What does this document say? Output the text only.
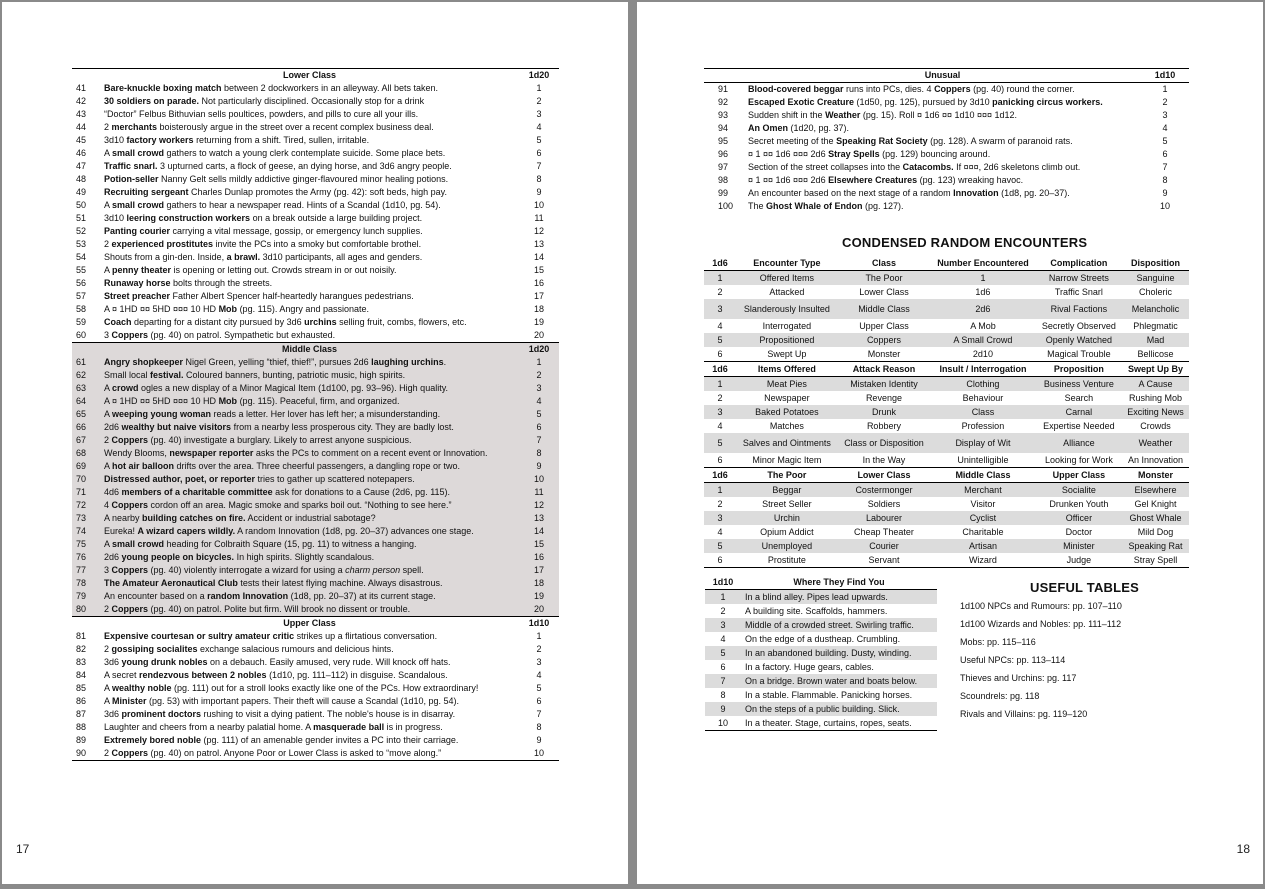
17	18
	Lower Class	1d20
41	Bare-knuckle boxing match between 2 dockworkers in an alleyway. All bets taken.	1
42	30 soldiers on parade. Not particularly disciplined. Occasionally stop for a drink	2
43	“Doctor” Felbus Bithuvian sells poultices, powders, and pills to cure all your ills.	3
44	2 merchants boisterously argue in the street over a recent complex business deal.	4
45	3d10 factory workers returning from a shift. Tired, sullen, irritable.	5
46	A small crowd gathers to watch a young clerk contemplate suicide. Some place bets.	6
47	Traffic snarl. 3 upturned carts, a flock of geese, an dying horse, and 3d6 angry people.	7
48	Potion-seller Nanny Gelt sells mildly addictive ginger-flavoured minor healing potions.	8
49	Recruiting sergeant Charles Dunlap promotes the Army (pg. 42): soft beds, high pay.	9
50	A small crowd gathers to hear a newspaper read. Hints of a Scandal (1d10, pg. 54).	10
51	3d10 leering construction workers on a break outside a large building project.	11
52	Panting courier carrying a vital message, gossip, or emergency lunch supplies.	12
53	2 experienced prostitutes invite the PCs into a smoky but comfortable brothel.	13
54	Shouts from a gin-den. Inside, a brawl. 3d10 participants, all ages and genders.	14
55	A penny theater is opening or letting out. Crowds stream in or out noisily.	15
56	Runaway horse bolts through the streets.	16
57	Street preacher Father Albert Spencer half-heartedly harangues pedestrians.	17
58	A ¤ 1HD ¤¤ 5HD ¤¤¤ 10 HD Mob (pg. 115). Angry and passionate.	18
59	Coach departing for a distant city pursued by 3d6 urchins selling fruit, combs, flowers, etc.	19
60	3 Coppers (pg. 40) on patrol. Sympathetic but exhausted.	20
	Middle Class	1d20
61	Angry shopkeeper Nigel Green, yelling “thief, thief!”, pursues 2d6 laughing urchins.	1
62	Small local festival. Coloured banners, bunting, patriotic music, high spirits.	2
63	A crowd ogles a new display of a Minor Magical Item (1d100, pg. 93–96). High quality.	3
64	A ¤ 1HD ¤¤ 5HD ¤¤¤ 10 HD Mob (pg. 115). Peaceful, firm, and organized.	4
65	A weeping young woman reads a letter. Her lover has left her; a misunderstanding.	5
66	2d6 wealthy but naive visitors from a nearby less prosperous city. They are badly lost.	6
67	2 Coppers (pg. 40) investigate a burglary. Likely to arrest anyone suspicious.	7
68	Wendy Blooms, newspaper reporter asks the PCs to comment on a recent event or Innovation.	8
69	A hot air balloon drifts over the area. Three cheerful passengers, a dangling rope or two.	9
70	Distressed author, poet, or reporter tries to gather up scattered notepapers.	10
71	4d6 members of a charitable committee ask for donations to a Cause (2d6, pg. 115).	11
72	4 Coppers cordon off an area. Magic smoke and sparks boil out. “Nothing to see here.”	12
73	A nearby building catches on fire. Accident or industrial sabotage?	13
74	Eureka! A wizard capers wildly. A random Innovation (1d8, pg. 20–37) advances one stage.	14
75	A small crowd heading for Colbraith Square (15, pg. 11) to witness a hanging.	15
76	2d6 young people on bicycles. In high spirits. Slightly scandalous.	16
77	3 Coppers (pg. 40) violently interrogate a wizard for using a charm person spell.	17
78	The Amateur Aeronautical Club tests their latest flying machine. Always disastrous.	18
79	An encounter based on a random Innovation (1d8, pp. 20–37) at its current stage.	19
80	2 Coppers (pg. 40) on patrol. Polite but firm. Will brook no dissent or trouble.	20
	Upper Class	1d10
81	Expensive courtesan or sultry amateur critic strikes up a flirtatious conversation.	1
82	2 gossiping socialites exchange salacious rumours and delicious hints.	2
83	3d6 young drunk nobles on a debauch. Easily amused, very rude. Will knock off hats.	3
84	A secret rendezvous between 2 nobles (1d10, pg. 111–112) in disguise. Scandalous.	4
85	A wealthy noble (pg. 111) out for a stroll looks exactly like one of the PCs. How extraordinary!	5
86	A Minister (pg. 53) with important papers. Their theft will cause a Scandal (1d10, pg. 54).	6
87	3d6 prominent doctors rushing to visit a dying patient. The noble's house is in disarray.	7
88	Laughter and cheers from a nearby palatial home. A masquerade ball is in progress.	8
89	Extremely bored noble (pg. 111) of an amenable gender invites a PC into their carriage.	9
90	2 Coppers (pg. 40) on patrol. Anyone Poor or Lower Class is asked to “move along.”	10
	Unusual	1d10
91	Blood-covered beggar runs into PCs, dies. 4 Coppers (pg. 40) round the corner.	1
92	Escaped Exotic Creature (1d50, pg. 125), pursued by 3d10 panicking circus workers.	2
93	Sudden shift in the Weather (pg. 15). Roll ¤ 1d6 ¤¤ 1d10 ¤¤¤ 1d12.	3
94	An Omen (1d20, pg. 37).	4
95	Secret meeting of the Speaking Rat Society (pg. 128). A swarm of paranoid rats.	5
96	¤ 1 ¤¤ 1d6 ¤¤¤ 2d6 Stray Spells (pg. 129) bouncing around.	6
97	Section of the street collapses into the Catacombs. If ¤¤¤, 2d6 skeletons climb out.	7
98	¤ 1 ¤¤ 1d6 ¤¤¤ 2d6 Elsewhere Creatures (pg. 123) wreaking havoc.	8
99	An encounter based on the next stage of a random Innovation (1d8, pg. 20–37).	9
100	The Ghost Whale of Endon (pg. 127).	10
CONDENSED RANDOM ENCOUNTERS
1d6	Encounter Type	Class	Number Encountered	Complication	Disposition
1	Offered Items	The Poor	1	Narrow Streets	Sanguine
2	Attacked	Lower Class	1d6	Traffic Snarl	Choleric
3	Slanderously Insulted	Middle Class	2d6	Rival Factions	Melancholic
4	Interrogated	Upper Class	A Mob	Secretly Observed	Phlegmatic
5	Propositioned	Coppers	A Small Crowd	Openly Watched	Mad
6	Swept Up	Monster	2d10	Magical Trouble	Bellicose
1d6	Items Offered	Attack Reason	Insult / Interrogation	Proposition	Swept Up By
1	Meat Pies	Mistaken Identity	Clothing	Business Venture	A Cause
2	Newspaper	Revenge	Behaviour	Search	Rushing Mob
3	Baked Potatoes	Drunk	Class	Carnal	Exciting News
4	Matches	Robbery	Profession	Expertise Needed	Crowds
5	Salves and Ointments	Class or Disposition	Display of Wit	Alliance	Weather
6	Minor Magic Item	In the Way	Unintelligible	Looking for Work	An Innovation
1d6	The Poor	Lower Class	Middle Class	Upper Class	Monster
1	Beggar	Costermonger	Merchant	Socialite	Elsewhere
2	Street Seller	Soldiers	Visitor	Drunken Youth	Gel Knight
3	Urchin	Labourer	Cyclist	Officer	Ghost Whale
4	Opium Addict	Cheap Theater	Charitable	Doctor	Mild Dog
5	Unemployed	Courier	Artisan	Minister	Speaking Rat
6	Prostitute	Servant	Wizard	Judge	Stray Spell
1d10	Where They Find You
1	In a blind alley. Pipes lead upwards.
2	A building site. Scaffolds, hammers.
3	Middle of a crowded street. Swirling traffic.
4	On the edge of a dustheap. Crumbling.
5	In an abandoned building. Dusty, winding.
6	In a factory. Huge gears, cables.
7	On a bridge. Brown water and boats below.
8	In a stable. Flammable. Panicking horses.
9	On the steps of a public building. Slick.
10	In a theater. Stage, curtains, ropes, seats.
USEFUL TABLES
1d100 NPCs and Rumours: pp. 107–110
1d100 Wizards and Nobles: pp. 111–112
Mobs: pp. 115–116
Useful NPCs: pp. 113–114
Thieves and Urchins: pg. 117
Scoundrels: pg. 118
Rivals and Villains: pg. 119–120
